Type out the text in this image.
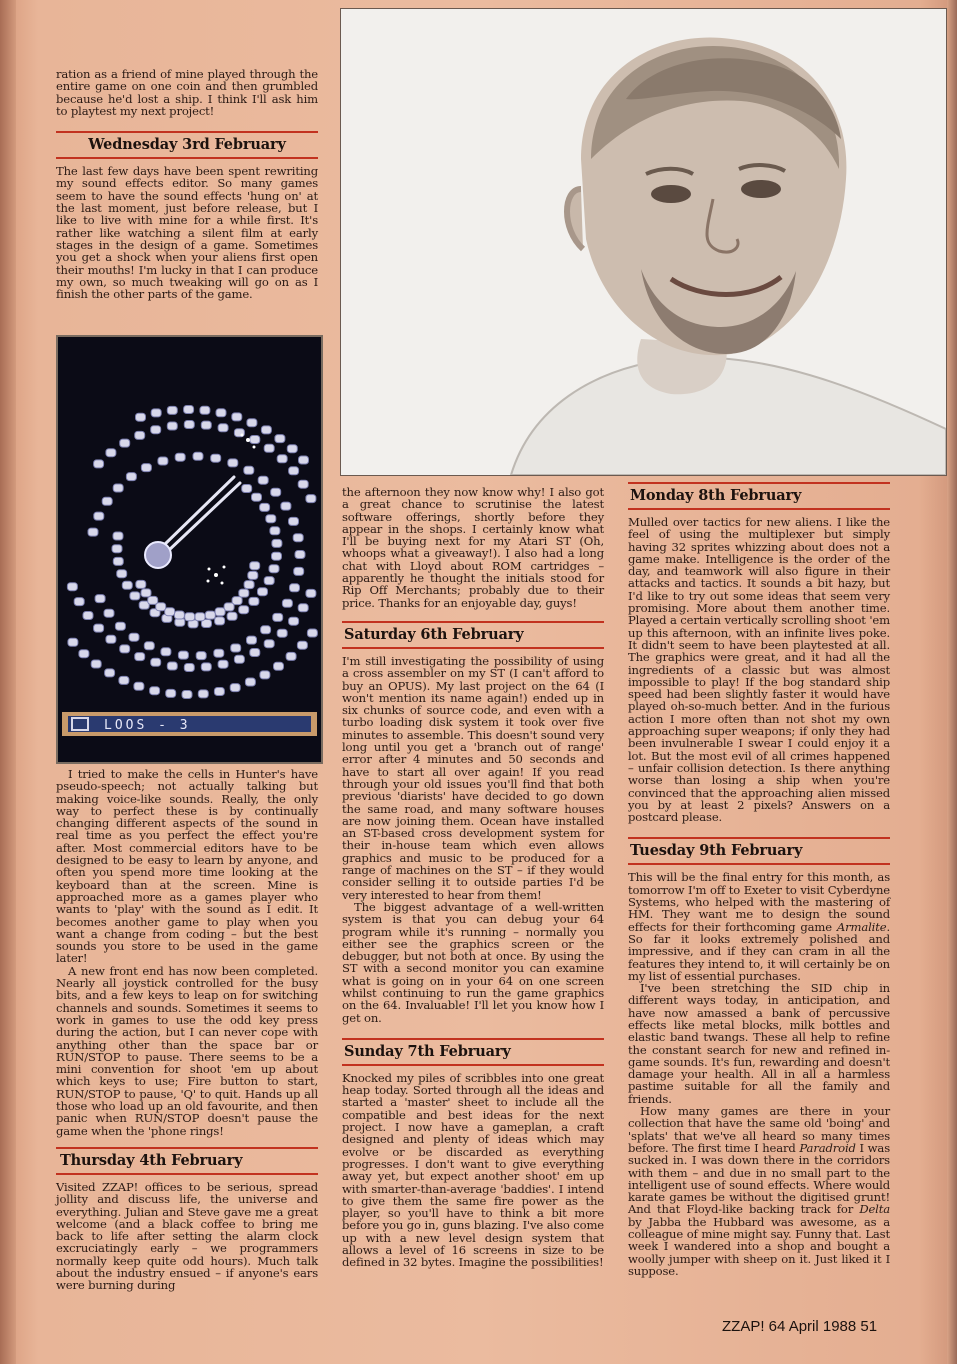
ration as a friend of mine played through the entire game on one coin and then grumbled because he'd lost a ship. I think I'll ask him to playtest my next project!

Wednesday 3rd February

The last few days have been spent rewriting my sound effects editor. So many games seem to have the sound effects 'hung on' at the last moment, just before release, but I like to live with mine for a while first. It's rather like watching a silent film at early stages in the design of a game. Sometimes you get a shock when your aliens first open their mouths! I'm lucky in that I can produce my own, so much tweaking will go on as I finish the other parts of the game.

LOOS - 3

I tried to make the cells in Hunter's have pseudo-speech; not actually talking but making voice-like sounds. Really, the only way to perfect these is by continually changing different aspects of the sound in real time as you perfect the effect you're after. Most commercial editors have to be designed to be easy to learn by anyone, and often you spend more time looking at the keyboard than at the screen. Mine is approached more as a games player who wants to 'play' with the sound as I edit. It becomes another game to play when you want a change from coding – but the best sounds you store to be used in the game later!

A new front end has now been completed. Nearly all joystick controlled for the busy bits, and a few keys to leap on for switching channels and sounds. Sometimes it seems to work in games to use the odd key press during the action, but I can never cope with anything other than the space bar or RUN/STOP to pause. There seems to be a mini convention for shoot 'em up about which keys to use; Fire button to start, RUN/STOP to pause, 'Q' to quit. Hands up all those who load up an old favourite, and then panic when RUN/STOP doesn't pause the game when the 'phone rings!

Thursday 4th February

Visited ZZAP! offices to be serious, spread jollity and discuss life, the universe and everything. Julian and Steve gave me a great welcome (and a black coffee to bring me back to life after setting the alarm clock excruciatingly early – we programmers normally keep quite odd hours). Much talk about the industry ensued – if anyone's ears were burning during

the afternoon they now know why! I also got a great chance to scrutinise the latest software offerings, shortly before they appear in the shops. I certainly know what I'll be buying next for my Atari ST (Oh, whoops what a giveaway!). I also had a long chat with Lloyd about ROM cartridges – apparently he thought the initials stood for Rip Off Merchants; probably due to their price. Thanks for an enjoyable day, guys!

Saturday 6th February

I'm still investigating the possibility of using a cross assembler on my ST (I can't afford to buy an OPUS). My last project on the 64 (I won't mention its name again!) ended up in six chunks of source code, and even with a turbo loading disk system it took over five minutes to assemble. This doesn't sound very long until you get a 'branch out of range' error after 4 minutes and 50 seconds and have to start all over again! If you read through your old issues you'll find that both previous 'diarists' have decided to go down the same road, and many software houses are now joining them. Ocean have installed an ST-based cross development system for their in-house team which even allows graphics and music to be produced for a range of machines on the ST – if they would consider selling it to outside parties I'd be very interested to hear from them!

The biggest advantage of a well-written system is that you can debug your 64 program while it's running – normally you either see the graphics screen or the debugger, but not both at once. By using the ST with a second monitor you can examine what is going on in your 64 on one screen whilst continuing to run the game graphics on the 64. Invaluable! I'll let you know how I get on.

Sunday 7th February

Knocked my piles of scribbles into one great heap today. Sorted through all the ideas and started a 'master' sheet to include all the compatible and best ideas for the next project. I now have a gameplan, a craft designed and plenty of ideas which may evolve or be discarded as everything progresses. I don't want to give everything away yet, but expect another shoot' em up with smarter-than-average 'baddies'. I intend to give them the same fire power as the player, so you'll have to think a bit more before you go in, guns blazing. I've also come up with a new level design system that allows a level of 16 screens in size to be defined in 32 bytes. Imagine the possibilities!

Monday 8th February

Mulled over tactics for new aliens. I like the feel of using the multiplexer but simply having 32 sprites whizzing about does not a game make. Intelligence is the order of the day, and teamwork will also figure in their attacks and tactics. It sounds a bit hazy, but I'd like to try out some ideas that seem very promising. More about them another time. Played a certain vertically scrolling shoot 'em up this afternoon, with an infinite lives poke. It didn't seem to have been playtested at all. The graphics were great, and it had all the ingredients of a classic but was almost impossible to play! If the bog standard ship speed had been slightly faster it would have played oh-so-much better. And in the furious action I more often than not shot my own approaching super weapons; if only they had been invulnerable I swear I could enjoy it a lot. But the most evil of all crimes happened – unfair collision detection. Is there anything worse than losing a ship when you're convinced that the approaching alien missed you by at least 2 pixels? Answers on a postcard please.

Tuesday 9th February

This will be the final entry for this month, as tomorrow I'm off to Exeter to visit Cyberdyne Systems, who helped with the mastering of HM. They want me to design the sound effects for their forthcoming game Armalite. So far it looks extremely polished and impressive, and if they can cram in all the features they intend to, it will certainly be on my list of essential purchases.

I've been stretching the SID chip in different ways today, in anticipation, and have now amassed a bank of percussive effects like metal blocks, milk bottles and elastic band twangs. These all help to refine the constant search for new and refined in-game sounds. It's fun, rewarding and doesn't damage your health. All in all a harmless pastime suitable for all the family and friends.

How many games are there in your collection that have the same old 'boing' and 'splats' that we've all heard so many times before. The first time I heard Paradroid I was sucked in. I was down there in the corridors with them – and due in no small part to the intelligent use of sound effects. Where would karate games be without the digitised grunt! And that Floyd-like backing track for Delta by Jabba the Hubbard was awesome, as a colleague of mine might say. Funny that. Last week I wandered into a shop and bought a woolly jumper with sheep on it. Just liked it I suppose.

ZZAP! 64 April 1988 51
